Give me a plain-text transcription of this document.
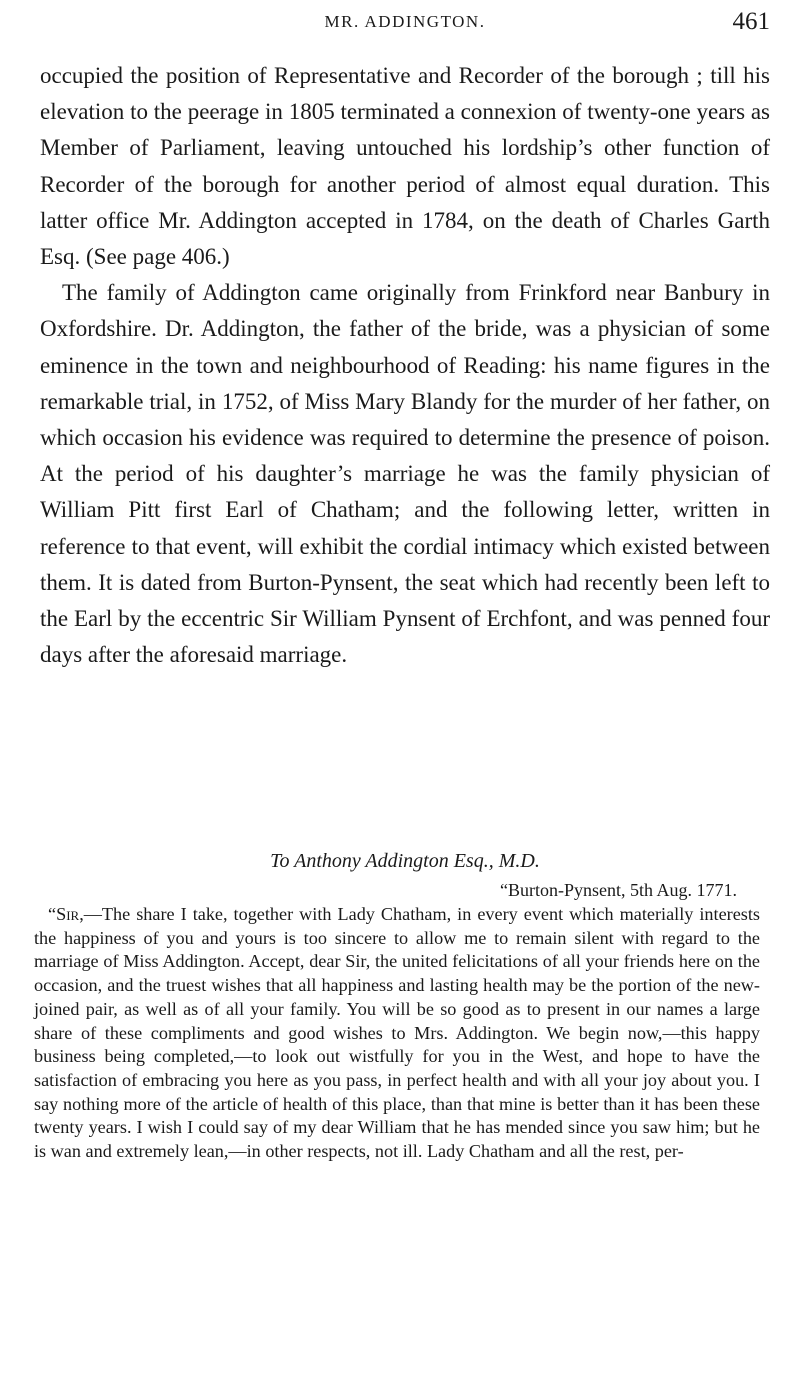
MR. ADDINGTON.	461

occupied the position of Representative and Recorder of the borough ; till his elevation to the peerage in 1805 terminated a connexion of twenty-one years as Member of Parliament, leaving untouched his lordship’s other function of Recorder of the borough for another period of almost equal duration. This latter office Mr. Addington accepted in 1784, on the death of Charles Garth Esq. (See page 406.)

The family of Addington came originally from Frinkford near Banbury in Oxfordshire. Dr. Addington, the father of the bride, was a physician of some eminence in the town and neighbourhood of Reading: his name figures in the remarkable trial, in 1752, of Miss Mary Blandy for the murder of her father, on which occasion his evidence was required to determine the presence of poison. At the period of his daughter’s marriage he was the family physician of William Pitt first Earl of Chatham; and the following letter, written in reference to that event, will exhibit the cordial intimacy which existed between them. It is dated from Burton-Pynsent, the seat which had recently been left to the Earl by the eccentric Sir William Pynsent of Erchfont, and was penned four days after the aforesaid marriage.

To Anthony Addington Esq., M.D.
“Burton-Pynsent, 5th Aug. 1771.

“Sir,—The share I take, together with Lady Chatham, in every event which materially interests the happiness of you and yours is too sincere to allow me to remain silent with regard to the marriage of Miss Addington. Accept, dear Sir, the united felicitations of all your friends here on the occasion, and the truest wishes that all happiness and lasting health may be the portion of the new-joined pair, as well as of all your family. You will be so good as to present in our names a large share of these compliments and good wishes to Mrs. Addington. We begin now,—this happy business being completed,—to look out wistfully for you in the West, and hope to have the satisfaction of embracing you here as you pass, in perfect health and with all your joy about you. I say nothing more of the article of health of this place, than that mine is better than it has been these twenty years. I wish I could say of my dear William that he has mended since you saw him; but he is wan and extremely lean,—in other respects, not ill. Lady Chatham and all the rest, per-
